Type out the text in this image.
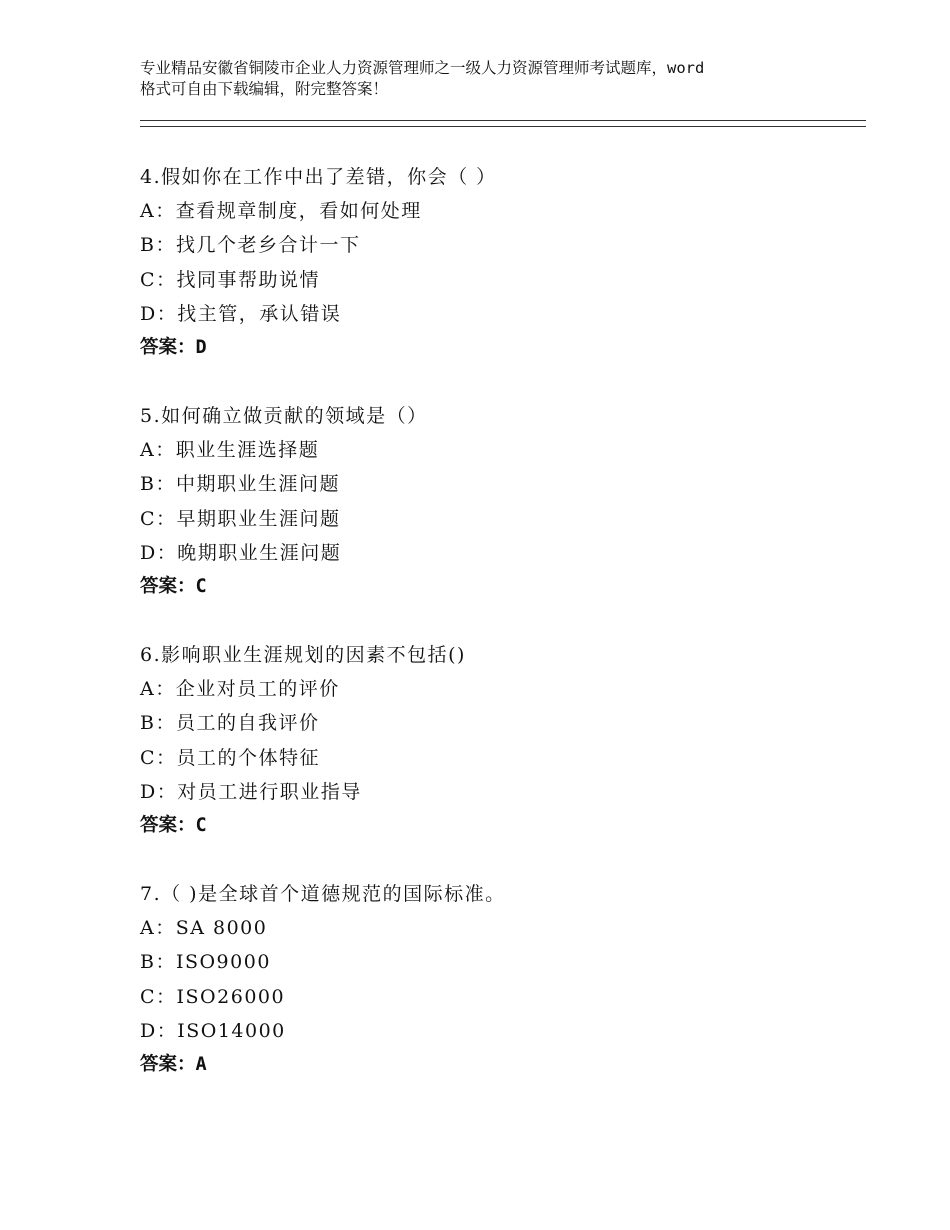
专业精品安徽省铜陵市企业人力资源管理师之一级人力资源管理师考试题库，word
格式可自由下载编辑，附完整答案！
4.假如你在工作中出了差错，你会（ ）
A：查看规章制度，看如何处理
B：找几个老乡合计一下
C：找同事帮助说情
D：找主管，承认错误
答案：D
5.如何确立做贡献的领域是（）
A：职业生涯选择题
B：中期职业生涯问题
C：早期职业生涯问题
D：晚期职业生涯问题
答案：C
6.影响职业生涯规划的因素不包括()
A：企业对员工的评价
B：员工的自我评价
C：员工的个体特征
D：对员工进行职业指导
答案：C
7.（ )是全球首个道德规范的国际标准。
A：SA 8000
B：ISO9000
C：ISO26000
D：ISO14000
答案：A
